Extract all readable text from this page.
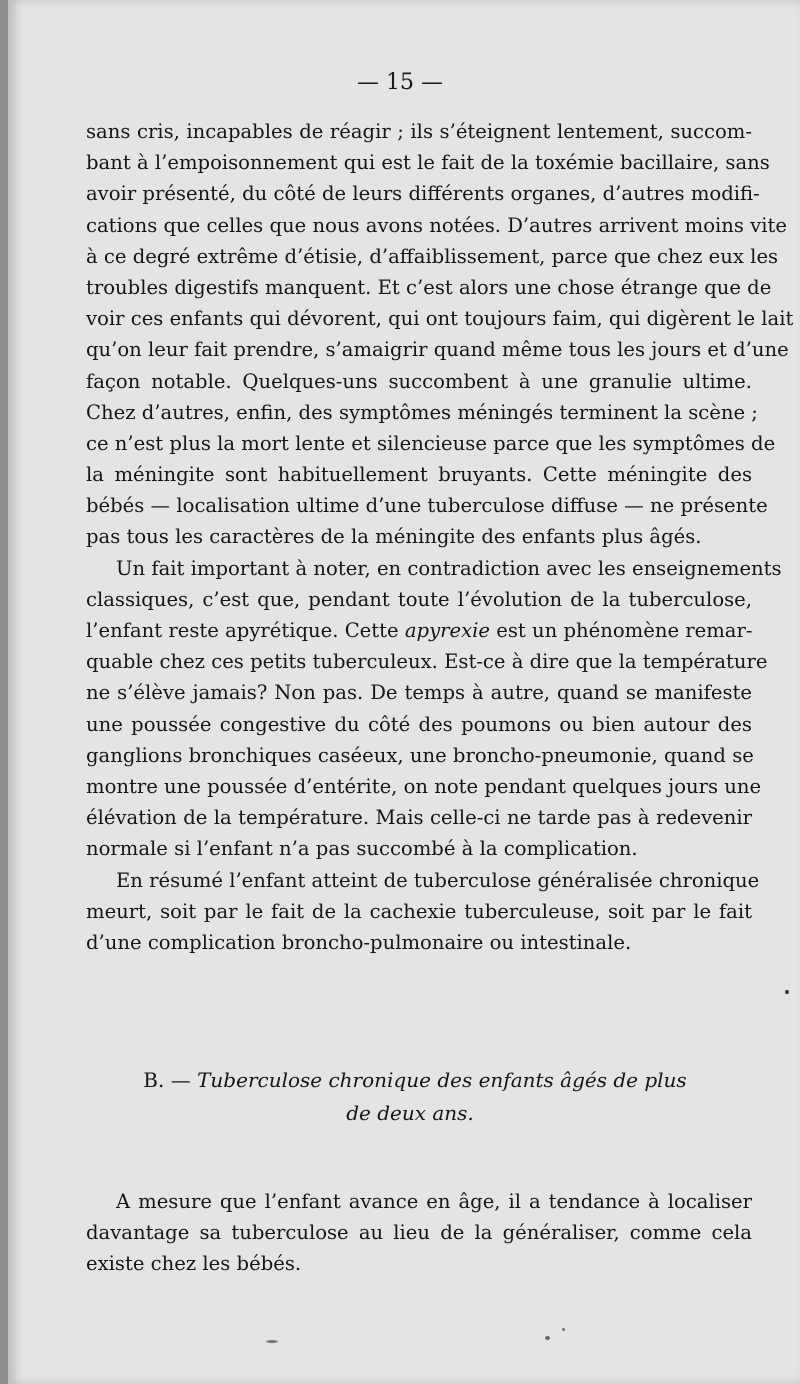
— 15 —

sans cris, incapables de réagir ; ils s’éteignent lentement, succom-
bant à l’empoisonnement qui est le fait de la toxémie bacillaire, sans
avoir présenté, du côté de leurs différents organes, d’autres modifi-
cations que celles que nous avons notées. D’autres arrivent moins vite
à ce degré extrême d’étisie, d’affaiblissement, parce que chez eux les
troubles digestifs manquent. Et c’est alors une chose étrange que de
voir ces enfants qui dévorent, qui ont toujours faim, qui digèrent le lait
qu’on leur fait prendre, s’amaigrir quand même tous les jours et d’une
façon notable. Quelques-uns succombent à une granulie ultime.
Chez d’autres, enfin, des symptômes méningés terminent la scène ;
ce n’est plus la mort lente et silencieuse parce que les symptômes de
la méningite sont habituellement bruyants. Cette méningite des
bébés — localisation ultime d’une tuberculose diffuse — ne présente
pas tous les caractères de la méningite des enfants plus âgés.

Un fait important à noter, en contradiction avec les enseignements
classiques, c’est que, pendant toute l’évolution de la tuberculose,
l’enfant reste apyrétique. Cette apyrexie est un phénomène remar-
quable chez ces petits tuberculeux. Est-ce à dire que la température
ne s’élève jamais? Non pas. De temps à autre, quand se manifeste
une poussée congestive du côté des poumons ou bien autour des
ganglions bronchiques caséeux, une broncho-pneumonie, quand se
montre une poussée d’entérite, on note pendant quelques jours une
élévation de la température. Mais celle-ci ne tarde pas à redevenir
normale si l’enfant n’a pas succombé à la complication.

En résumé l’enfant atteint de tuberculose généralisée chronique
meurt, soit par le fait de la cachexie tuberculeuse, soit par le fait
d’une complication broncho-pulmonaire ou intestinale.

B. — Tuberculose chronique des enfants âgés de plus
de deux ans.

A mesure que l’enfant avance en âge, il a tendance à localiser
davantage sa tuberculose au lieu de la généraliser, comme cela
existe chez les bébés.
